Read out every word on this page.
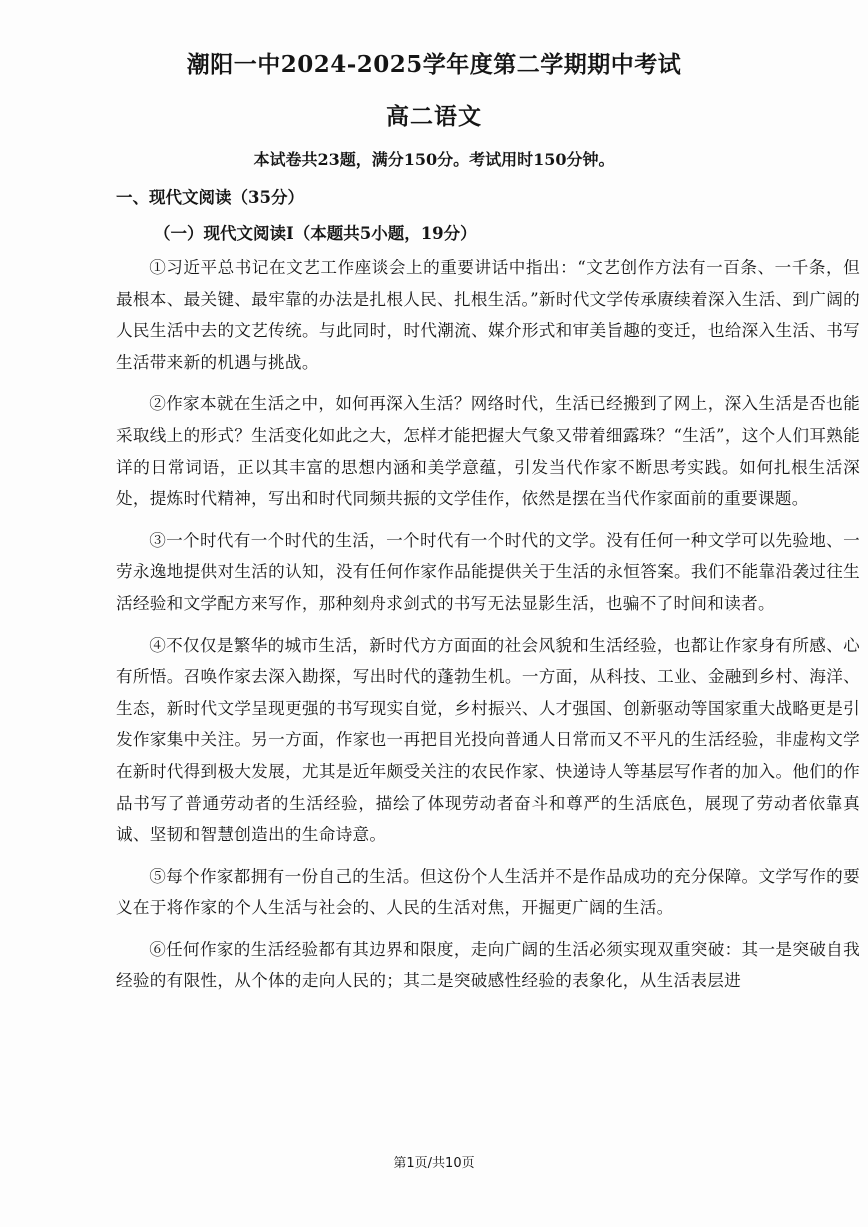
潮阳一中2024-2025学年度第二学期期中考试
高二语文

本试卷共23题，满分150分。考试用时150分钟。

一、现代文阅读（35分）
（一）现代文阅读Ⅰ（本题共5小题，19分）

①习近平总书记在文艺工作座谈会上的重要讲话中指出：“文艺创作方法有一百条、一千条，但最根本、最关键、最牢靠的办法是扎根人民、扎根生活。”新时代文学传承赓续着深入生活、到广阔的人民生活中去的文艺传统。与此同时，时代潮流、媒介形式和审美旨趣的变迁，也给深入生活、书写生活带来新的机遇与挑战。

②作家本就在生活之中，如何再深入生活？网络时代，生活已经搬到了网上，深入生活是否也能采取线上的形式？生活变化如此之大，怎样才能把握大气象又带着细露珠？“生活”，这个人们耳熟能详的日常词语，正以其丰富的思想内涵和美学意蕴，引发当代作家不断思考实践。如何扎根生活深处，提炼时代精神，写出和时代同频共振的文学佳作，依然是摆在当代作家面前的重要课题。

③一个时代有一个时代的生活，一个时代有一个时代的文学。没有任何一种文学可以先验地、一劳永逸地提供对生活的认知，没有任何作家作品能提供关于生活的永恒答案。我们不能靠沿袭过往生活经验和文学配方来写作，那种刻舟求剑式的书写无法显影生活，也骗不了时间和读者。

④不仅仅是繁华的城市生活，新时代方方面面的社会风貌和生活经验，也都让作家身有所感、心有所悟。召唤作家去深入勘探，写出时代的蓬勃生机。一方面，从科技、工业、金融到乡村、海洋、生态，新时代文学呈现更强的书写现实自觉，乡村振兴、人才强国、创新驱动等国家重大战略更是引发作家集中关注。另一方面，作家也一再把目光投向普通人日常而又不平凡的生活经验，非虚构文学在新时代得到极大发展，尤其是近年颇受关注的农民作家、快递诗人等基层写作者的加入。他们的作品书写了普通劳动者的生活经验，描绘了体现劳动者奋斗和尊严的生活底色，展现了劳动者依靠真诚、坚韧和智慧创造出的生命诗意。

⑤每个作家都拥有一份自己的生活。但这份个人生活并不是作品成功的充分保障。文学写作的要义在于将作家的个人生活与社会的、人民的生活对焦，开掘更广阔的生活。

⑥任何作家的生活经验都有其边界和限度，走向广阔的生活必须实现双重突破：其一是突破自我经验的有限性，从个体的走向人民的；其二是突破感性经验的表象化，从生活表层进

第1页/共10页
